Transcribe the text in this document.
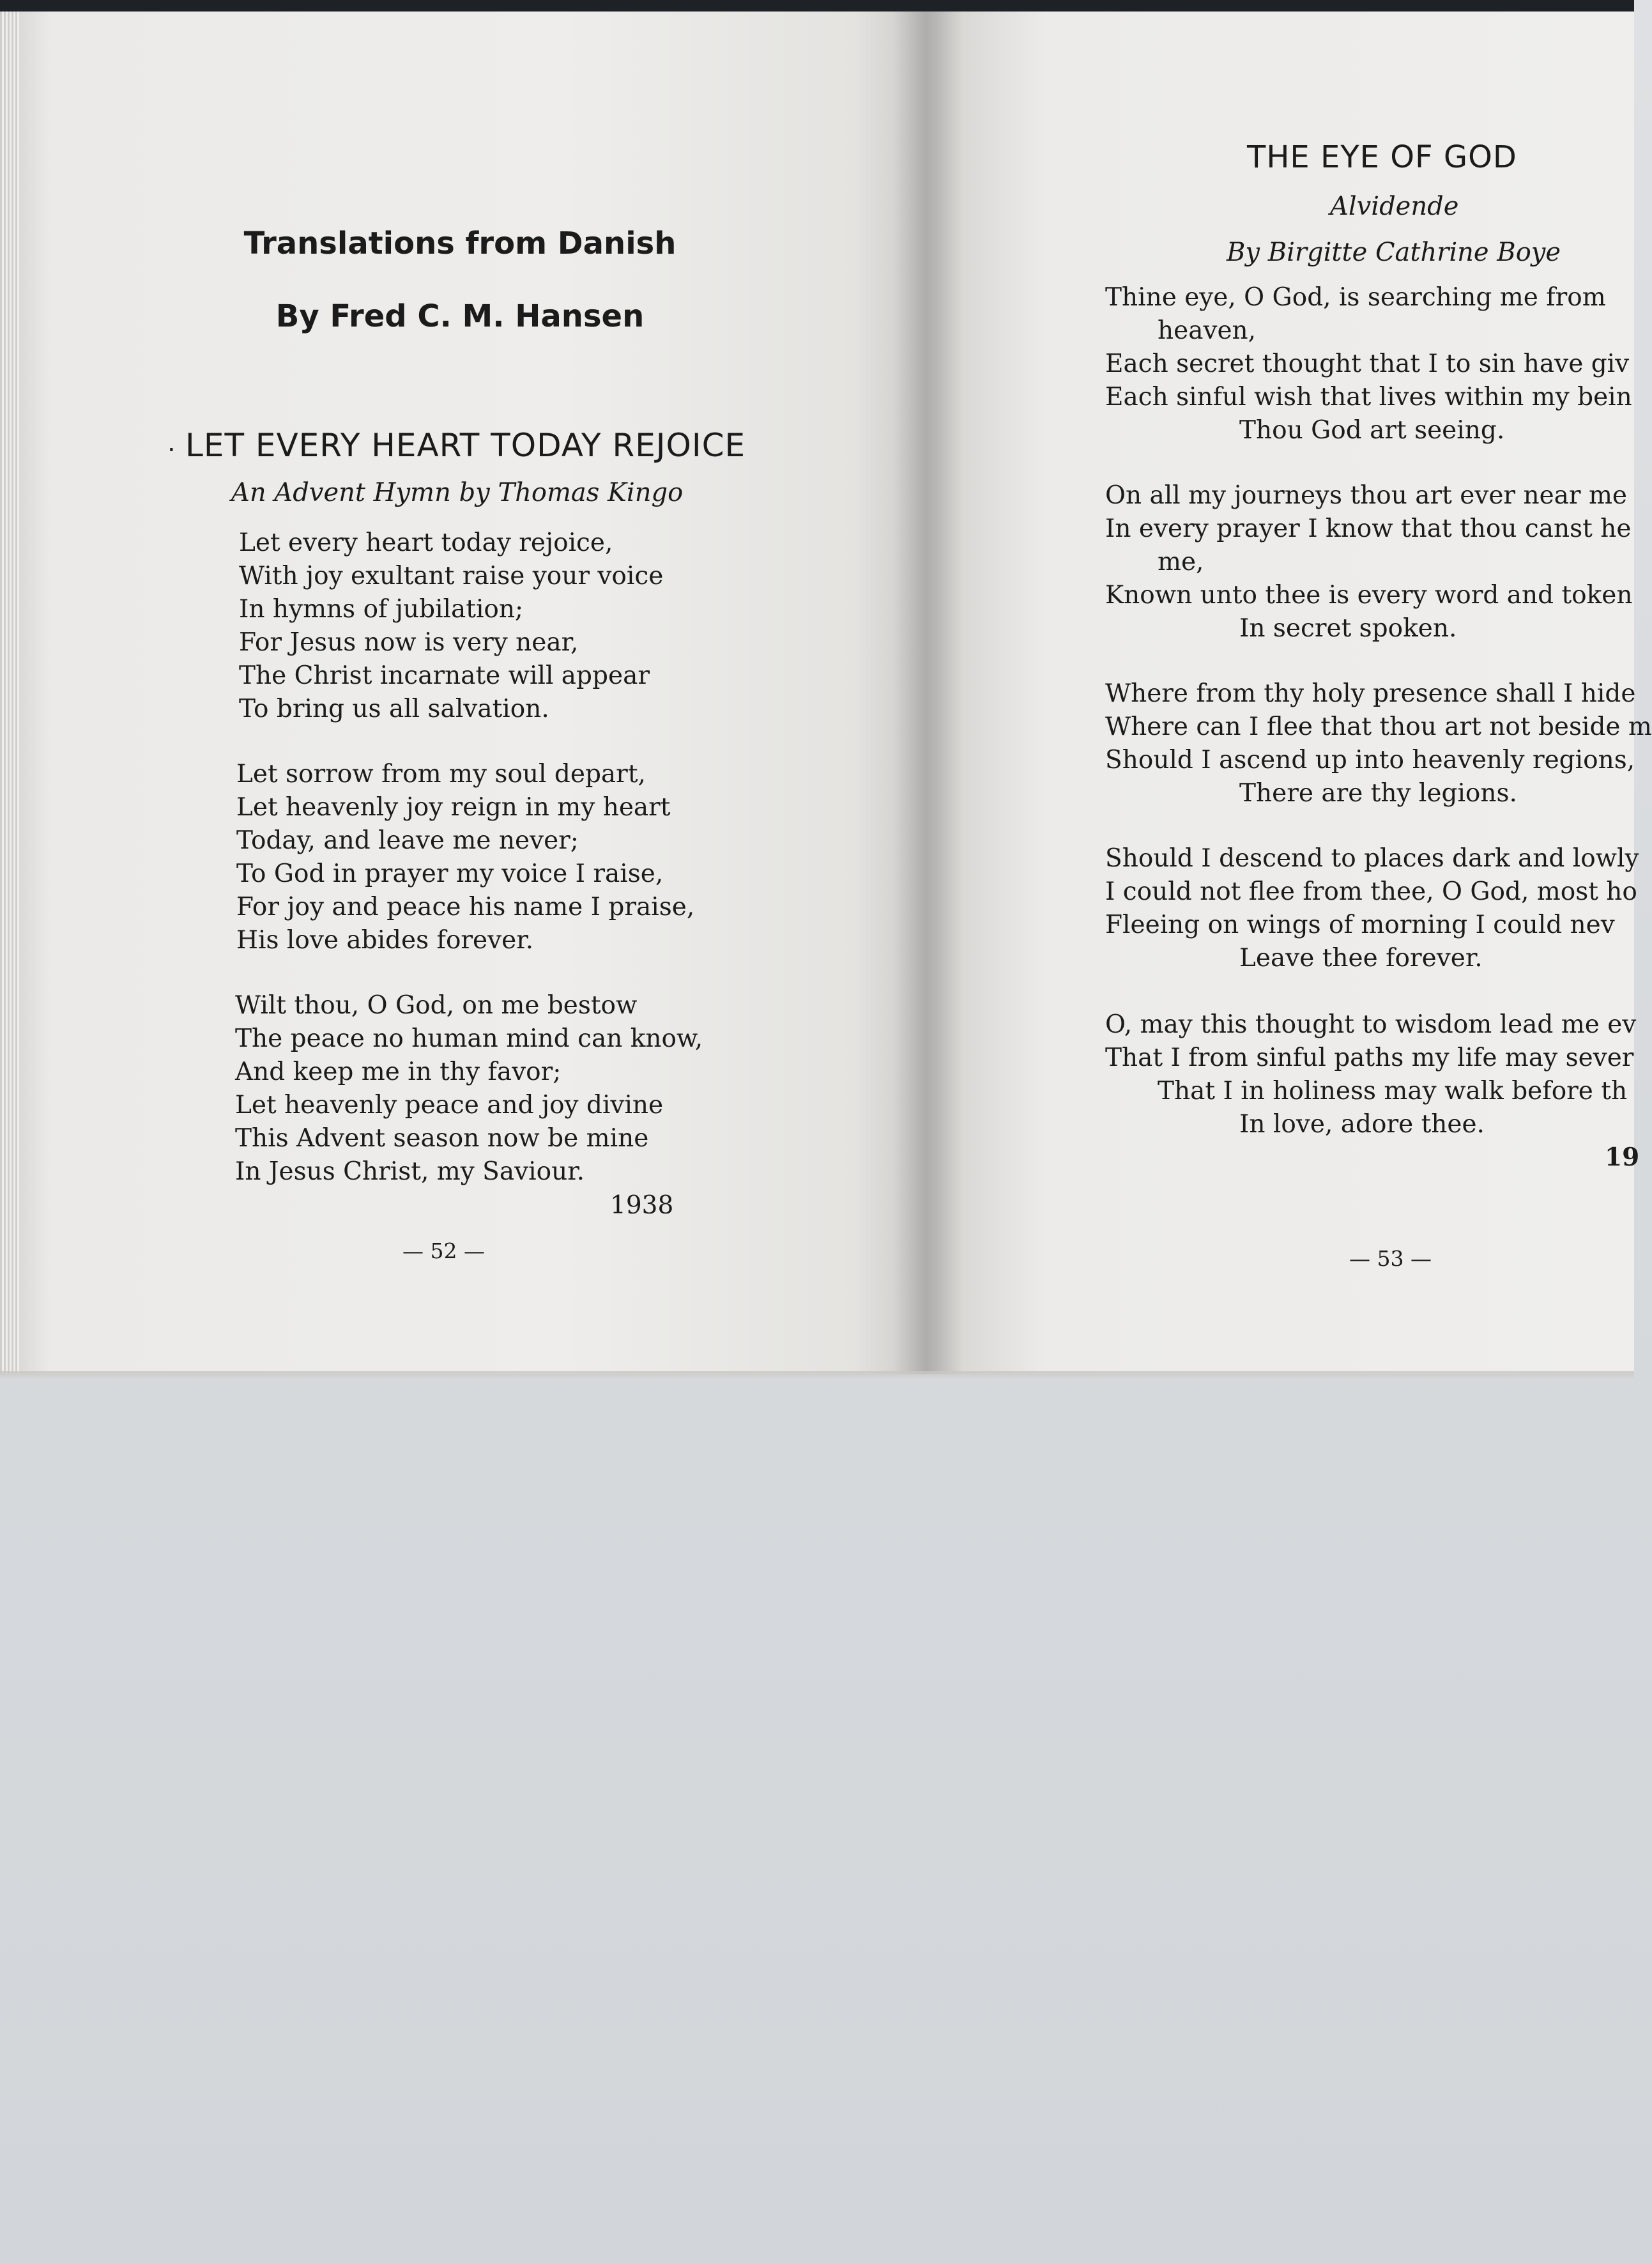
Translations from Danish
By Fred C. M. Hansen
. LET EVERY HEART TODAY REJOICE
An Advent Hymn by Thomas Kingo
Let every heart today rejoice,
With joy exultant raise your voice
In hymns of jubilation;
For Jesus now is very near,
The Christ incarnate will appear
To bring us all salvation.
Let sorrow from my soul depart,
Let heavenly joy reign in my heart
Today, and leave me never;
To God in prayer my voice I raise,
For joy and peace his name I praise,
His love abides forever.
Wilt thou, O God, on me bestow
The peace no human mind can know,
And keep me in thy favor;
Let heavenly peace and joy divine
This Advent season now be mine
In Jesus Christ, my Saviour.
1938
— 52 —
THE EYE OF GOD
Alvidende
By Birgitte Cathrine Boye
Thine eye, O God, is searching me from
heaven,
Each secret thought that I to sin have giv
Each sinful wish that lives within my bein
Thou God art seeing.
On all my journeys thou art ever near me
In every prayer I know that thou canst he
me,
Known unto thee is every word and token
In secret spoken.
Where from thy holy presence shall I hide
Where can I flee that thou art not beside m
Should I ascend up into heavenly regions,
There are thy legions.
Should I descend to places dark and lowly
I could not flee from thee, O God, most ho
Fleeing on wings of morning I could nev
Leave thee forever.
O, may this thought to wisdom lead me ev
That I from sinful paths my life may sever
That I in holiness may walk before th
In love, adore thee.
19
— 53 —
